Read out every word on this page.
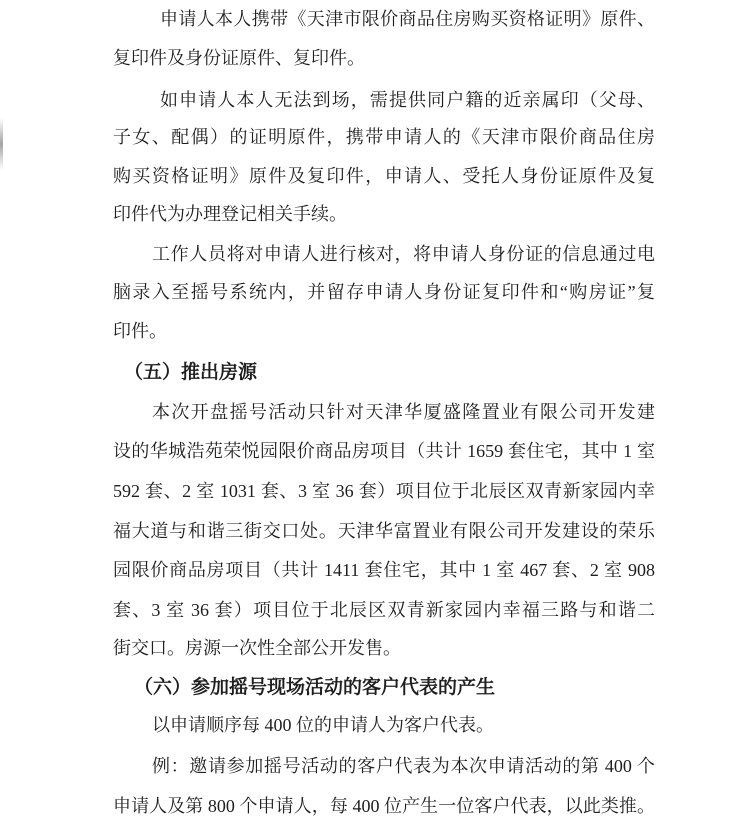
申请人本人携带《天津市限价商品住房购买资格证明》原件、
复印件及身份证原件、复印件。
如申请人本人无法到场，需提供同户籍的近亲属印（父母、
子女、配偶）的证明原件，携带申请人的《天津市限价商品住房
购买资格证明》原件及复印件，申请人、受托人身份证原件及复
印件代为办理登记相关手续。
工作人员将对申请人进行核对，将申请人身份证的信息通过电
脑录入至摇号系统内，并留存申请人身份证复印件和“购房证”复
印件。
（五）推出房源
本次开盘摇号活动只针对天津华厦盛隆置业有限公司开发建
设的华城浩苑荣悦园限价商品房项目（共计 1659 套住宅，其中 1 室
592 套、2 室 1031 套、3 室 36 套）项目位于北辰区双青新家园内幸
福大道与和谐三街交口处。天津华富置业有限公司开发建设的荣乐
园限价商品房项目（共计 1411 套住宅，其中 1 室 467 套、2 室 908
套、3 室 36 套）项目位于北辰区双青新家园内幸福三路与和谐二
街交口。房源一次性全部公开发售。
（六）参加摇号现场活动的客户代表的产生
以申请顺序每 400 位的申请人为客户代表。
例：邀请参加摇号活动的客户代表为本次申请活动的第 400 个
申请人及第 800 个申请人，每 400 位产生一位客户代表，以此类推。
